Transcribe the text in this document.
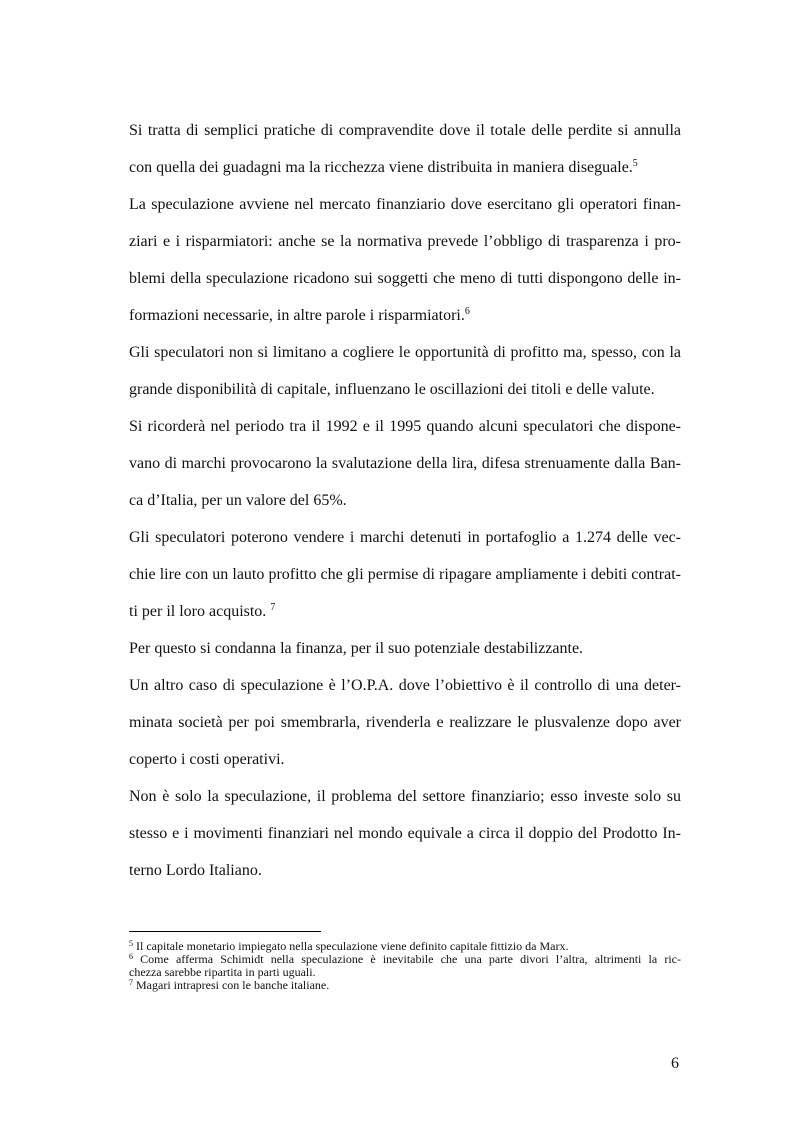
Si tratta di semplici pratiche di compravendite dove il totale delle perdite si annulla

con quella dei guadagni ma la ricchezza viene distribuita in maniera diseguale.$^5$

La speculazione avviene nel mercato finanziario dove esercitano gli operatori finan-

ziari e i risparmiatori: anche se la normativa prevede l’obbligo di trasparenza i pro-

blemi della speculazione ricadono sui soggetti che meno di tutti dispongono delle in-

formazioni necessarie, in altre parole i risparmiatori.$^6$

Gli speculatori non si limitano a cogliere le opportunità di profitto ma, spesso, con la

grande disponibilità di capitale, influenzano le oscillazioni dei titoli e delle valute.

Si ricorderà nel periodo tra il 1992 e il 1995 quando alcuni speculatori che dispone-

vano di marchi provocarono la svalutazione della lira, difesa strenuamente dalla Ban-

ca d’Italia, per un valore del 65%.

Gli speculatori poterono vendere i marchi detenuti in portafoglio a 1.274 delle vec-

chie lire con un lauto profitto che gli permise di ripagare ampliamente i debiti contrat-

ti per il loro acquisto. $^7$

Per questo si condanna la finanza, per il suo potenziale destabilizzante.

Un altro caso di speculazione è l’O.P.A. dove l’obiettivo è il controllo di una deter-

minata società per poi smembrarla, rivenderla e realizzare le plusvalenze dopo aver

coperto i costi operativi.

Non è solo la speculazione, il problema del settore finanziario; esso investe solo su

stesso e i movimenti finanziari nel mondo equivale a circa il doppio del Prodotto In-

terno Lordo Italiano.

$^5$ Il capitale monetario impiegato nella speculazione viene definito capitale fittizio da Marx.

$^6$ Come afferma Schimidt nella speculazione è inevitabile che una parte divori l’altra, altrimenti la ric-

chezza sarebbe ripartita in parti uguali.

$^7$ Magari intrapresi con le banche italiane.

6
